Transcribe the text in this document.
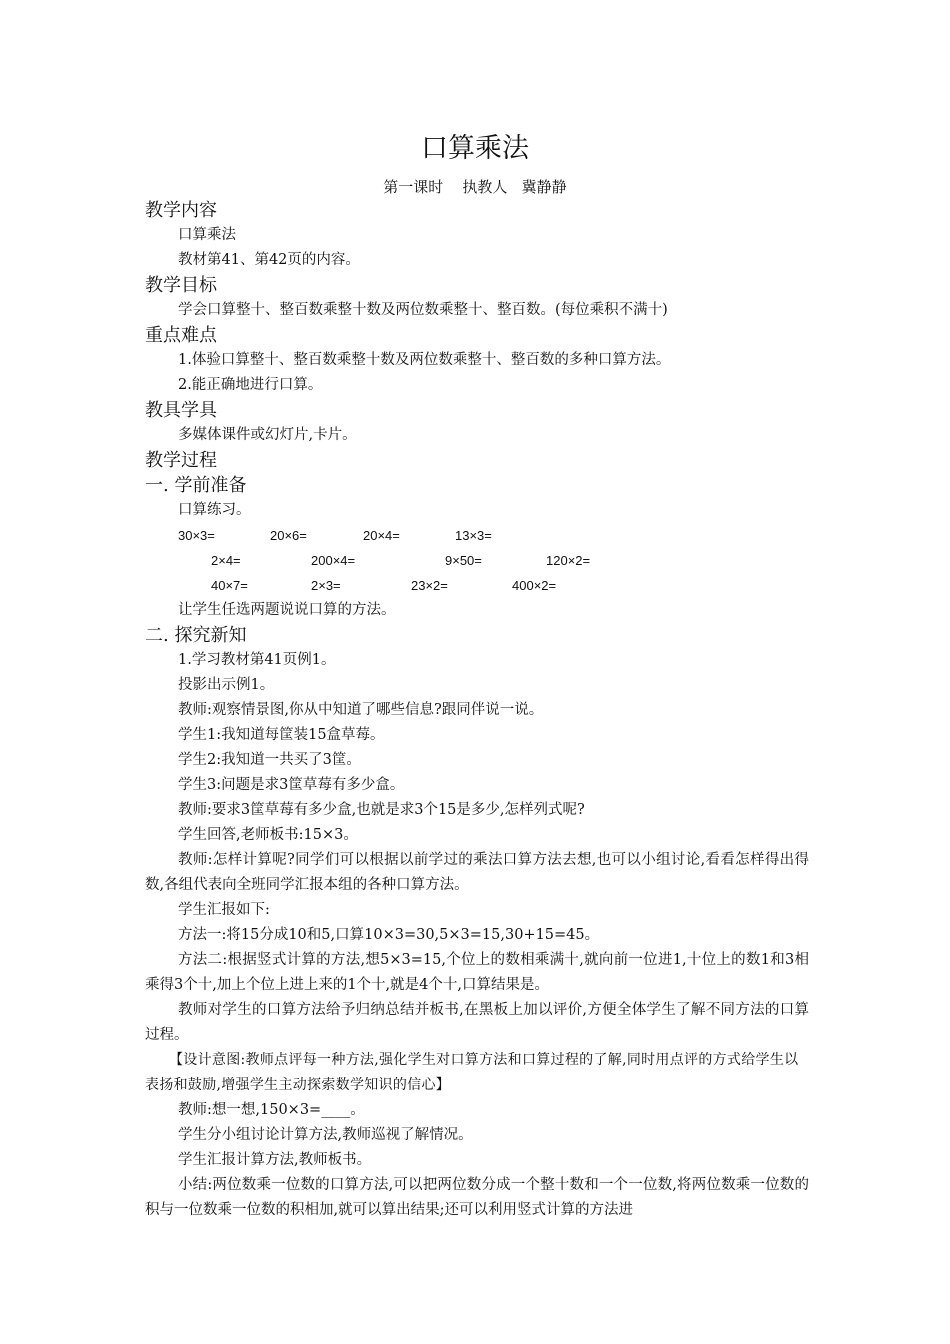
口算乘法
第一课时    执教人   冀静静
教学内容
口算乘法
教材第41、第42页的内容。
教学目标
学会口算整十、整百数乘整十数及两位数乘整十、整百数。(每位乘积不满十)
重点难点
1.体验口算整十、整百数乘整十数及两位数乘整十、整百数的多种口算方法。
2.能正确地进行口算。
教具学具
多媒体课件或幻灯片,卡片。
教学过程
一. 学前准备
口算练习。
30×3=	20×6=	20×4=	13×3=
2×4=	200×4=	9×50=	120×2=
40×7=	2×3=	23×2=	400×2=
让学生任选两题说说口算的方法。
二. 探究新知
1.学习教材第41页例1。
投影出示例1。
教师:观察情景图,你从中知道了哪些信息?跟同伴说一说。
学生1:我知道每筐装15盒草莓。
学生2:我知道一共买了3筐。
学生3:问题是求3筐草莓有多少盒。
教师:要求3筐草莓有多少盒,也就是求3个15是多少,怎样列式呢?
学生回答,老师板书:15×3。
教师:怎样计算呢?同学们可以根据以前学过的乘法口算方法去想,也可以小组讨论,看看怎样得出得数,各组代表向全班同学汇报本组的各种口算方法。
学生汇报如下:
方法一:将15分成10和5,口算10×3=30,5×3=15,30+15=45。
方法二:根据竖式计算的方法,想5×3=15,个位上的数相乘满十,就向前一位进1,十位上的数1和3相乘得3个十,加上个位上进上来的1个十,就是4个十,口算结果是。
教师对学生的口算方法给予归纳总结并板书,在黑板上加以评价,方便全体学生了解不同方法的口算过程。
【设计意图:教师点评每一种方法,强化学生对口算方法和口算过程的了解,同时用点评的方式给学生以表扬和鼓励,增强学生主动探索数学知识的信心】
教师:想一想,150×3=____。
学生分小组讨论计算方法,教师巡视了解情况。
学生汇报计算方法,教师板书。
小结:两位数乘一位数的口算方法,可以把两位数分成一个整十数和一个一位数,将两位数乘一位数的积与一位数乘一位数的积相加,就可以算出结果;还可以利用竖式计算的方法进
